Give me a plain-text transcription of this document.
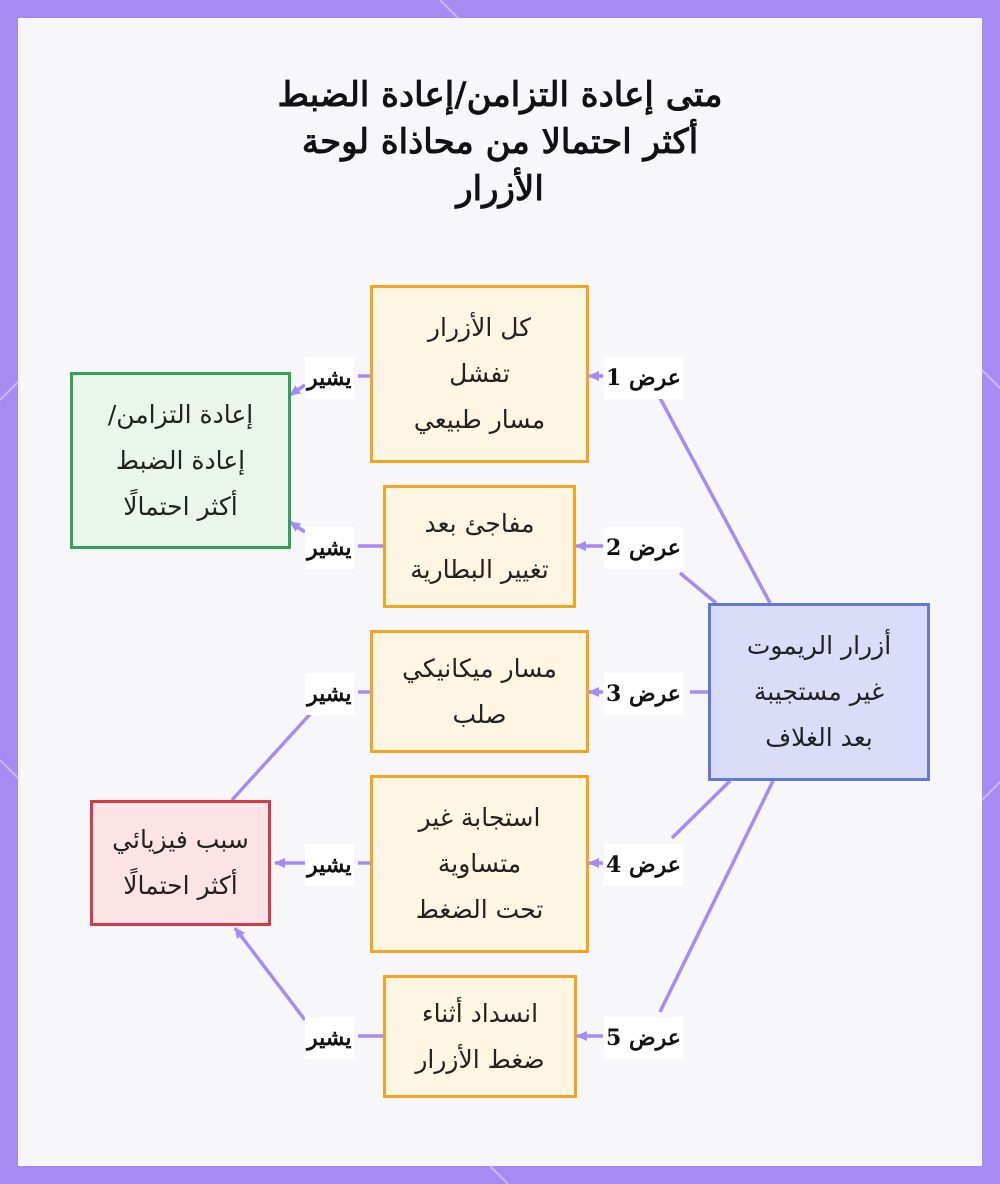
متى إعادة التزامن/إعادة الضبط
أكثر احتمالا من محاذاة لوحة
الأزرار
أزرار الريموت
غير مستجيبة
بعد الغلاف
كل الأزرار
تفشل
مسار طبيعي
مفاجئ بعد
تغيير البطارية
مسار ميكانيكي
صلب
استجابة غير
متساوية
تحت الضغط
انسداد أثناء
ضغط الأزرار
إعادة التزامن/
إعادة الضبط
أكثر احتمالًا
سبب فيزيائي
أكثر احتمالًا
عرض 1
عرض 2
عرض 3
عرض 4
عرض 5
يشير
يشير
يشير
يشير
يشير
